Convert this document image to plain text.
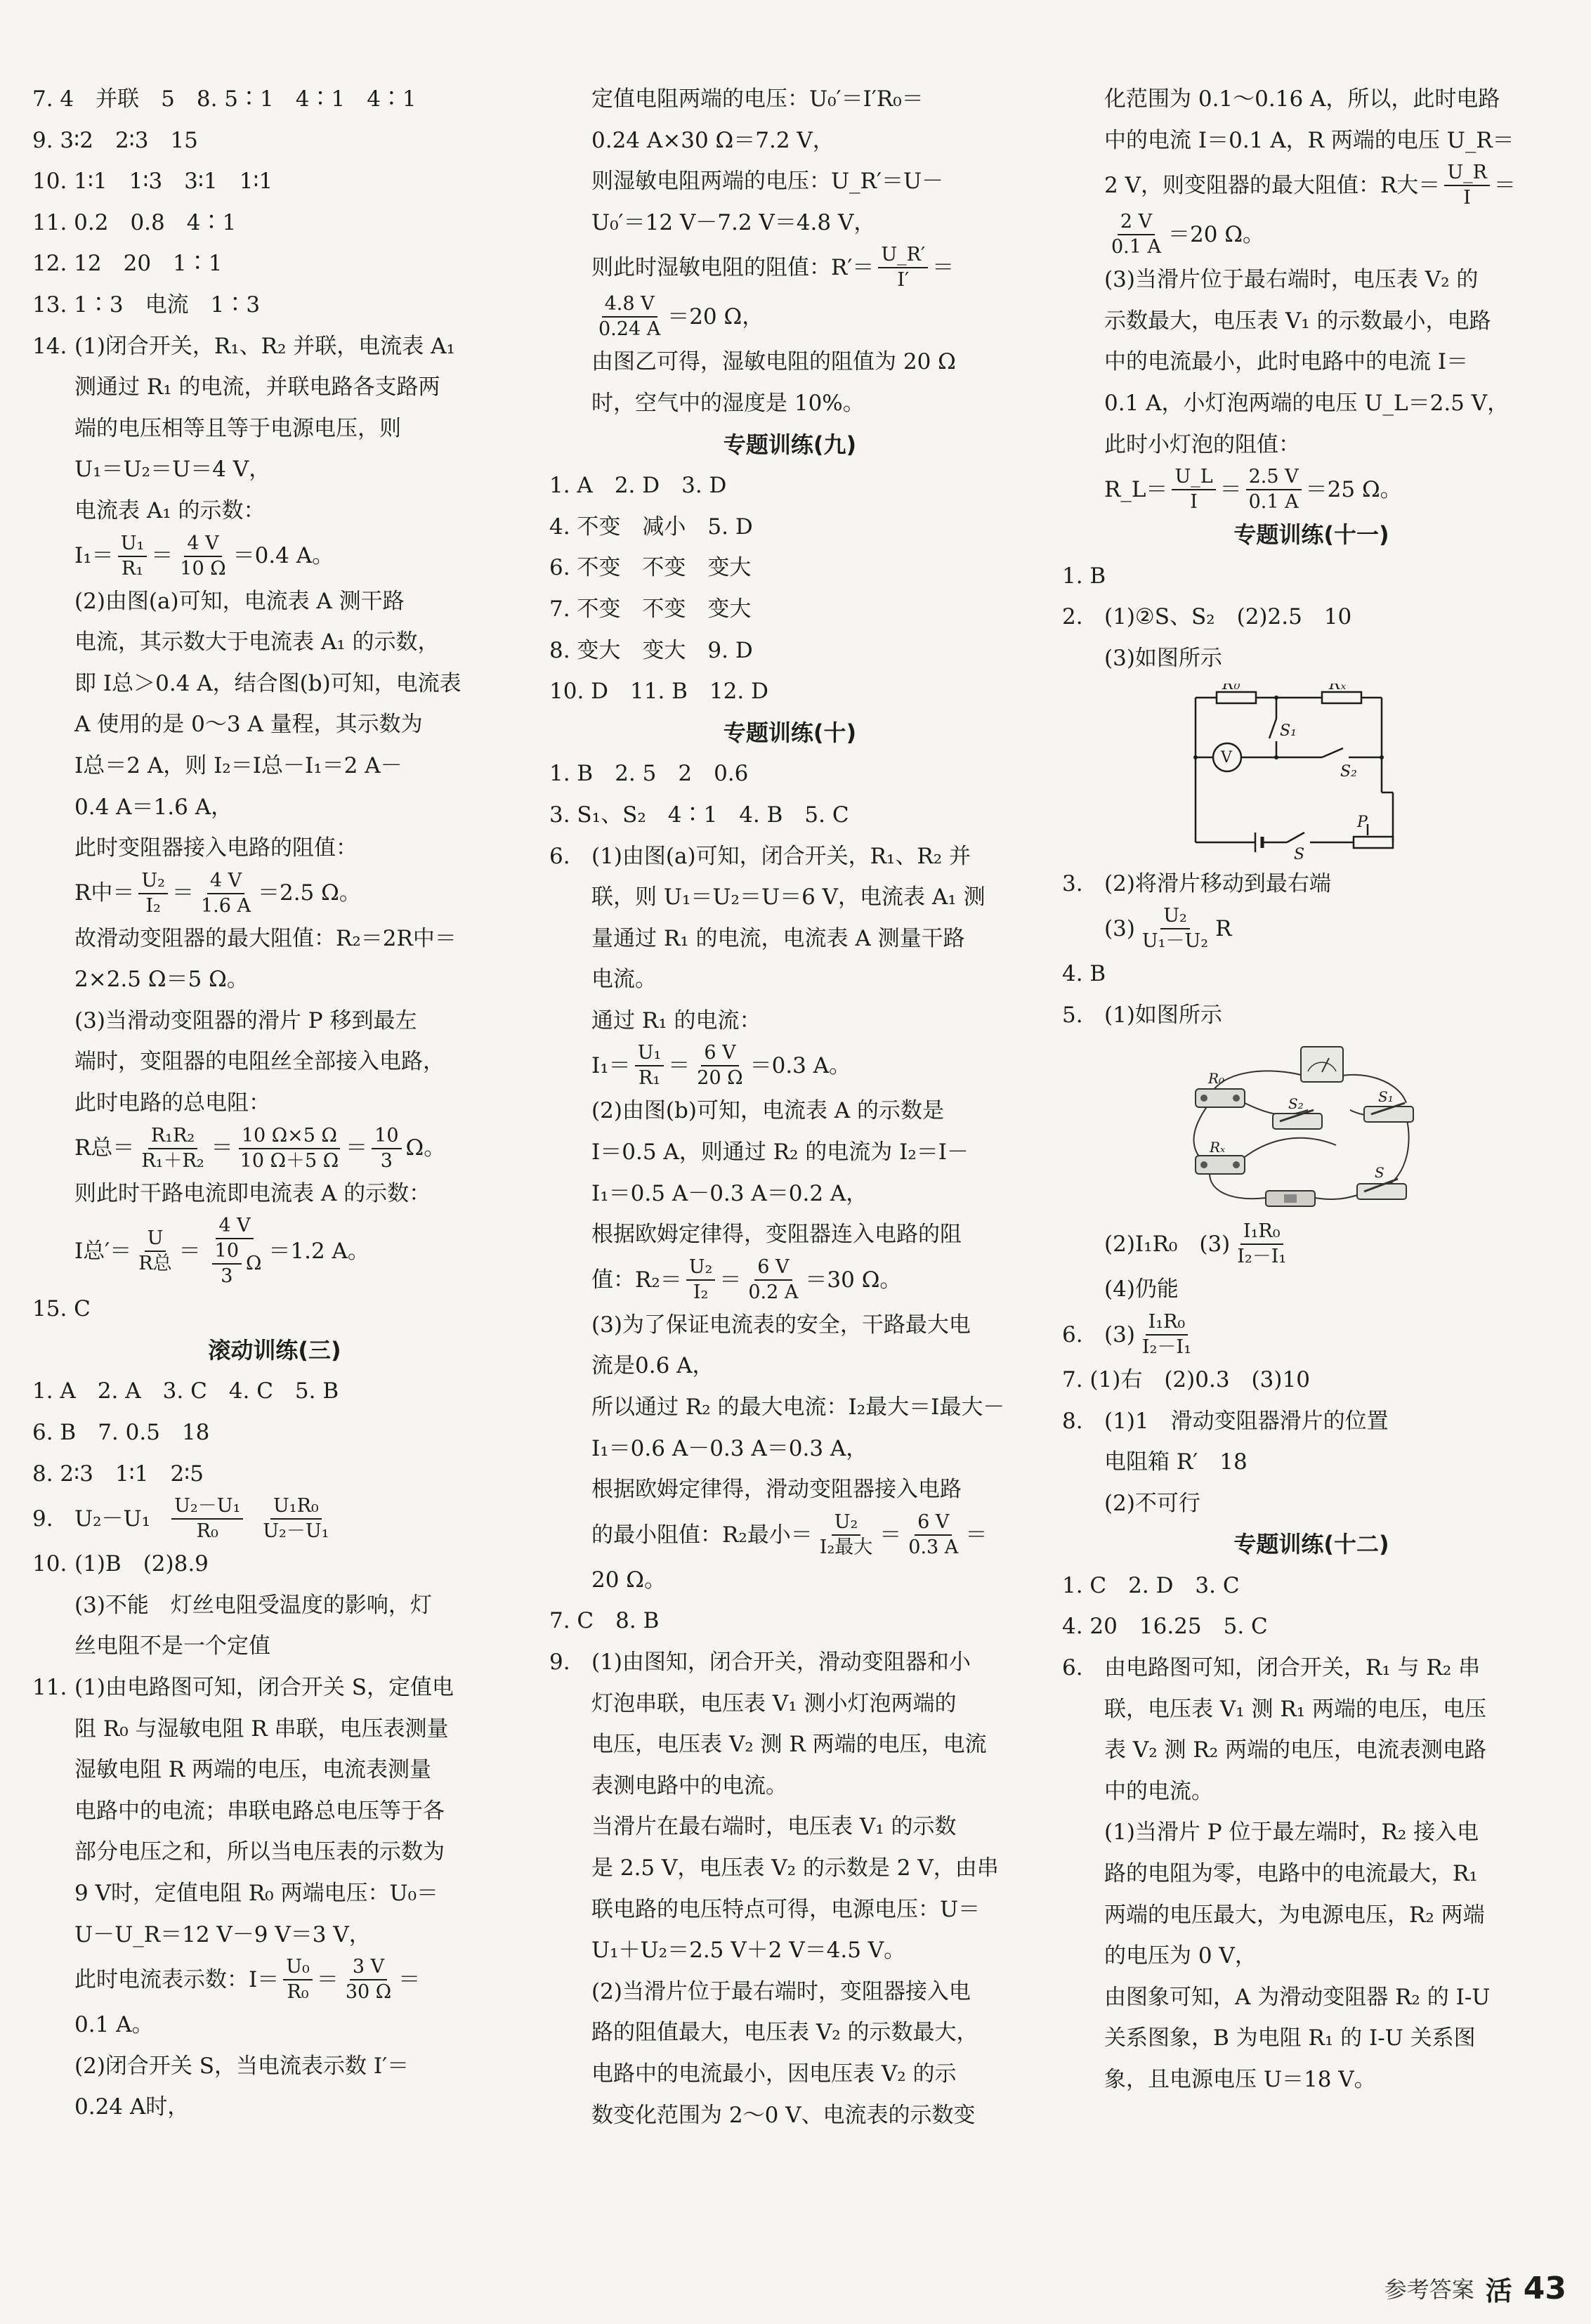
7. 4　并联　5　8. 5∶1　4∶1　4∶1
9. 3∶2　2∶3　15
10. 1∶1　1∶3　3∶1　1∶1
11. 0.2　0.8　4∶1
12. 12　20　1∶1
13. 1∶3　电流　1∶3
14. (1)闭合开关，R₁、R₂ 并联，电流表 A₁
测通过 R₁ 的电流，并联电路各支路两
端的电压相等且等于电源电压，则
U₁＝U₂＝U＝4 V，
电流表 A₁ 的示数：
I₁＝
U₁
R₁ ＝
4 V
10 Ω ＝0.4 A。
(2)由图(a)可知，电流表 A 测干路
电流，其示数大于电流表 A₁ 的示数，
即 I总＞0.4 A，结合图(b)可知，电流表
A 使用的是 0～3 A 量程，其示数为
I总＝2 A，则 I₂＝I总－I₁＝2 A－
0.4 A＝1.6 A，
此时变阻器接入电路的阻值：
R中＝
U₂
I₂ ＝
4 V
1.6 A ＝2.5 Ω。
故滑动变阻器的最大阻值：R₂＝2R中＝
2×2.5 Ω＝5 Ω。
(3)当滑动变阻器的滑片 P 移到最左
端时，变阻器的电阻丝全部接入电路，
此时电路的总电阻：
R总＝
R₁R₂
R₁＋R₂ ＝
10 Ω×5 Ω
10 Ω＋5 Ω ＝
10
3 Ω。
则此时干路电流即电流表 A 的示数：
I总′＝
U
R总 ＝
4 V
10
3
Ω ＝1.2 A。
15. C
滚动训练(三)
1. A　2. A　3. C　4. C　5. B
6. B　7. 0.5　18
8. 2∶3　1∶1　2∶5
9. U₂－U₁
U₂－U₁
R₀
U₁R₀
U₂－U₁
10. (1)B　(2)8.9
(3)不能　灯丝电阻受温度的影响，灯
丝电阻不是一个定值
11. (1)由电路图可知，闭合开关 S，定值电
阻 R₀ 与湿敏电阻 R 串联，电压表测量
湿敏电阻 R 两端的电压，电流表测量
电路中的电流；串联电路总电压等于各
部分电压之和，所以当电压表的示数为
9 V时，定值电阻 R₀ 两端电压：U₀＝
U－U_R＝12 V－9 V＝3 V，
此时电流表示数：I＝
U₀
R₀ ＝
3 V
30 Ω ＝
0.1 A。
(2)闭合开关 S，当电流表示数 I′＝
0.24 A时，
定值电阻两端的电压：U₀′＝I′R₀＝
0.24 A×30 Ω＝7.2 V，
则湿敏电阻两端的电压：U_R′＝U－
U₀′＝12 V－7.2 V＝4.8 V，
则此时湿敏电阻的阻值：R′＝
U_R′
I′ ＝
4.8 V
0.24 A ＝20 Ω，
由图乙可得，湿敏电阻的阻值为 20 Ω
时，空气中的湿度是 10%。
专题训练(九)
1. A　2. D　3. D
4. 不变　减小　5. D
6. 不变　不变　变大
7. 不变　不变　变大
8. 变大　变大　9. D
10. D　11. B　12. D
专题训练(十)
1. B　2. 5　2　0.6
3. S₁、S₂　4∶1　4. B　5. C
6. (1)由图(a)可知，闭合开关，R₁、R₂ 并
联，则 U₁＝U₂＝U＝6 V，电流表 A₁ 测
量通过 R₁ 的电流，电流表 A 测量干路
电流。
通过 R₁ 的电流：
I₁＝
U₁
R₁ ＝
6 V
20 Ω ＝0.3 A。
(2)由图(b)可知，电流表 A 的示数是
I＝0.5 A，则通过 R₂ 的电流为 I₂＝I－
I₁＝0.5 A－0.3 A＝0.2 A，
根据欧姆定律得，变阻器连入电路的阻
值：R₂＝
U₂
I₂ ＝
6 V
0.2 A ＝30 Ω。
(3)为了保证电流表的安全，干路最大电
流是0.6 A，
所以通过 R₂ 的最大电流：I₂最大＝I最大－
I₁＝0.6 A－0.3 A＝0.3 A，
根据欧姆定律得，滑动变阻器接入电路
的最小阻值：R₂最小＝
U₂
I₂最大 ＝
6 V
0.3 A ＝
20 Ω。
7. C　8. B
9. (1)由图知，闭合开关，滑动变阻器和小
灯泡串联，电压表 V₁ 测小灯泡两端的
电压，电压表 V₂ 测 R 两端的电压，电流
表测电路中的电流。
当滑片在最右端时，电压表 V₁ 的示数
是 2.5 V，电压表 V₂ 的示数是 2 V，由串
联电路的电压特点可得，电源电压：U＝
U₁＋U₂＝2.5 V＋2 V＝4.5 V。
(2)当滑片位于最右端时，变阻器接入电
路的阻值最大，电压表 V₂ 的示数最大，
电路中的电流最小，因电压表 V₂ 的示
数变化范围为 2～0 V、电流表的示数变
化范围为 0.1～0.16 A，所以，此时电路
中的电流 I＝0.1 A，R 两端的电压 U_R＝
2 V，则变阻器的最大阻值：R大＝
U_R
I ＝
2 V
0.1 A ＝20 Ω。
(3)当滑片位于最右端时，电压表 V₂ 的
示数最大，电压表 V₁ 的示数最小，电路
中的电流最小，此时电路中的电流 I＝
0.1 A，小灯泡两端的电压 U_L＝2.5 V，
此时小灯泡的阻值：
R_L＝
U_L
I ＝
2.5 V
0.1 A ＝25 Ω。
专题训练(十一)
1. B
2. (1)②S、S₂　(2)2.5　10
(3)如图所示
R₀	Rₓ
S₁
V
S₂
S
P
3. (2)将滑片移动到最右端
(3)
U₂
U₁－U₂ R
4. B
5. (1)如图所示
R₀
Rₓ
S₂	S₁
S
(2)I₁R₀　(3)
I₁R₀
I₂－I₁
(4)仍能
6. (3)
I₁R₀
I₂－I₁
7. (1)右　(2)0.3　(3)10
8. (1)1　滑动变阻器滑片的位置
电阻箱 R′　18
(2)不可行
专题训练(十二)
1. C　2. D　3. C
4. 20　16.25　5. C
6. 由电路图可知，闭合开关，R₁ 与 R₂ 串
联，电压表 V₁ 测 R₁ 两端的电压，电压
表 V₂ 测 R₂ 两端的电压，电流表测电路
中的电流。
(1)当滑片 P 位于最左端时，R₂ 接入电
路的电阻为零，电路中的电流最大，R₁
两端的电压最大，为电源电压，R₂ 两端
的电压为 0 V，
由图象可知，A 为滑动变阻器 R₂ 的 I-U
关系图象，B 为电阻 R₁ 的 I-U 关系图
象，且电源电压 U＝18 V。
参考答案 活 43
